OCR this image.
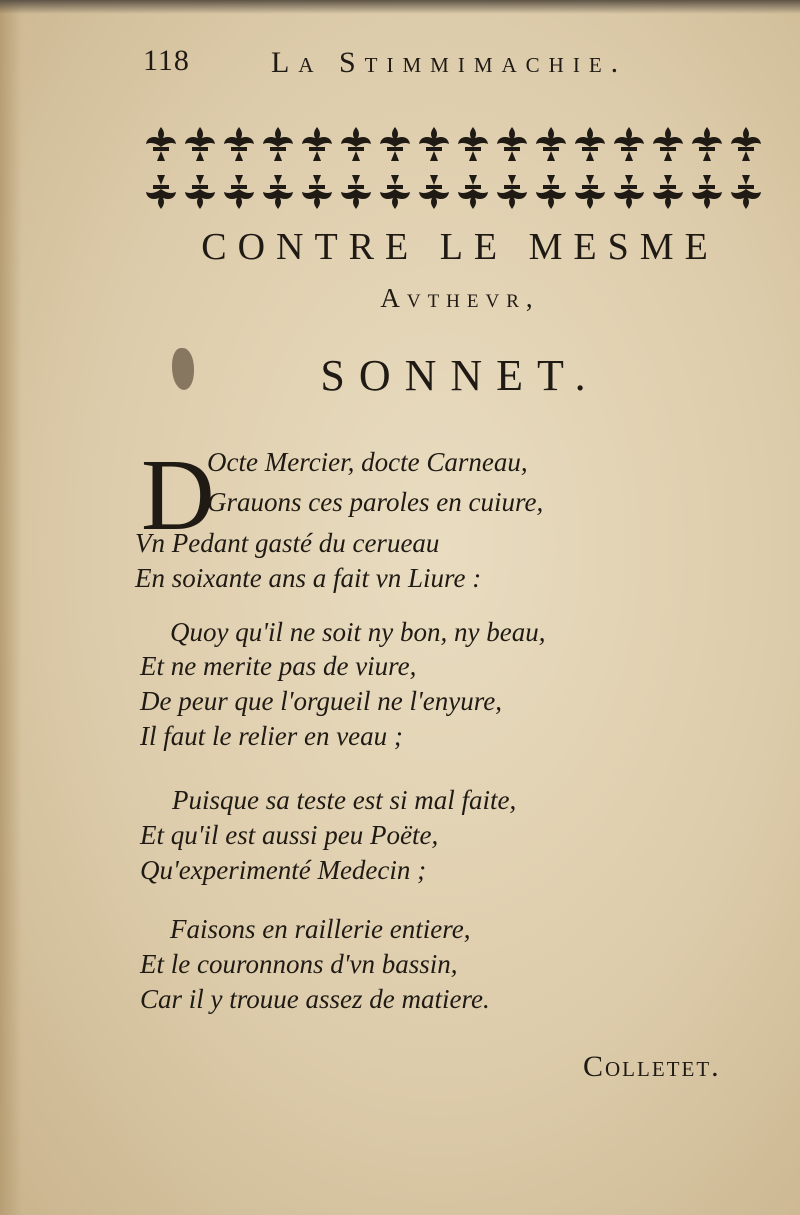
118	La Stimmimachie.
CONTRE LE MESME
Avthevr,
SONNET.
D
Octe Mercier, docte Carneau,
Grauons ces paroles en cuiure,
Vn Pedant gasté du cerueau
En soixante ans a fait vn Liure :
Quoy qu'il ne soit ny bon, ny beau,
Et ne merite pas de viure,
De peur que l'orgueil ne l'enyure,
Il faut le relier en veau ;
Puisque sa teste est si mal faite,
Et qu'il est aussi peu Poëte,
Qu'experimenté Medecin ;
Faisons en raillerie entiere,
Et le couronnons d'vn bassin,
Car il y trouue assez de matiere.
Colletet.
